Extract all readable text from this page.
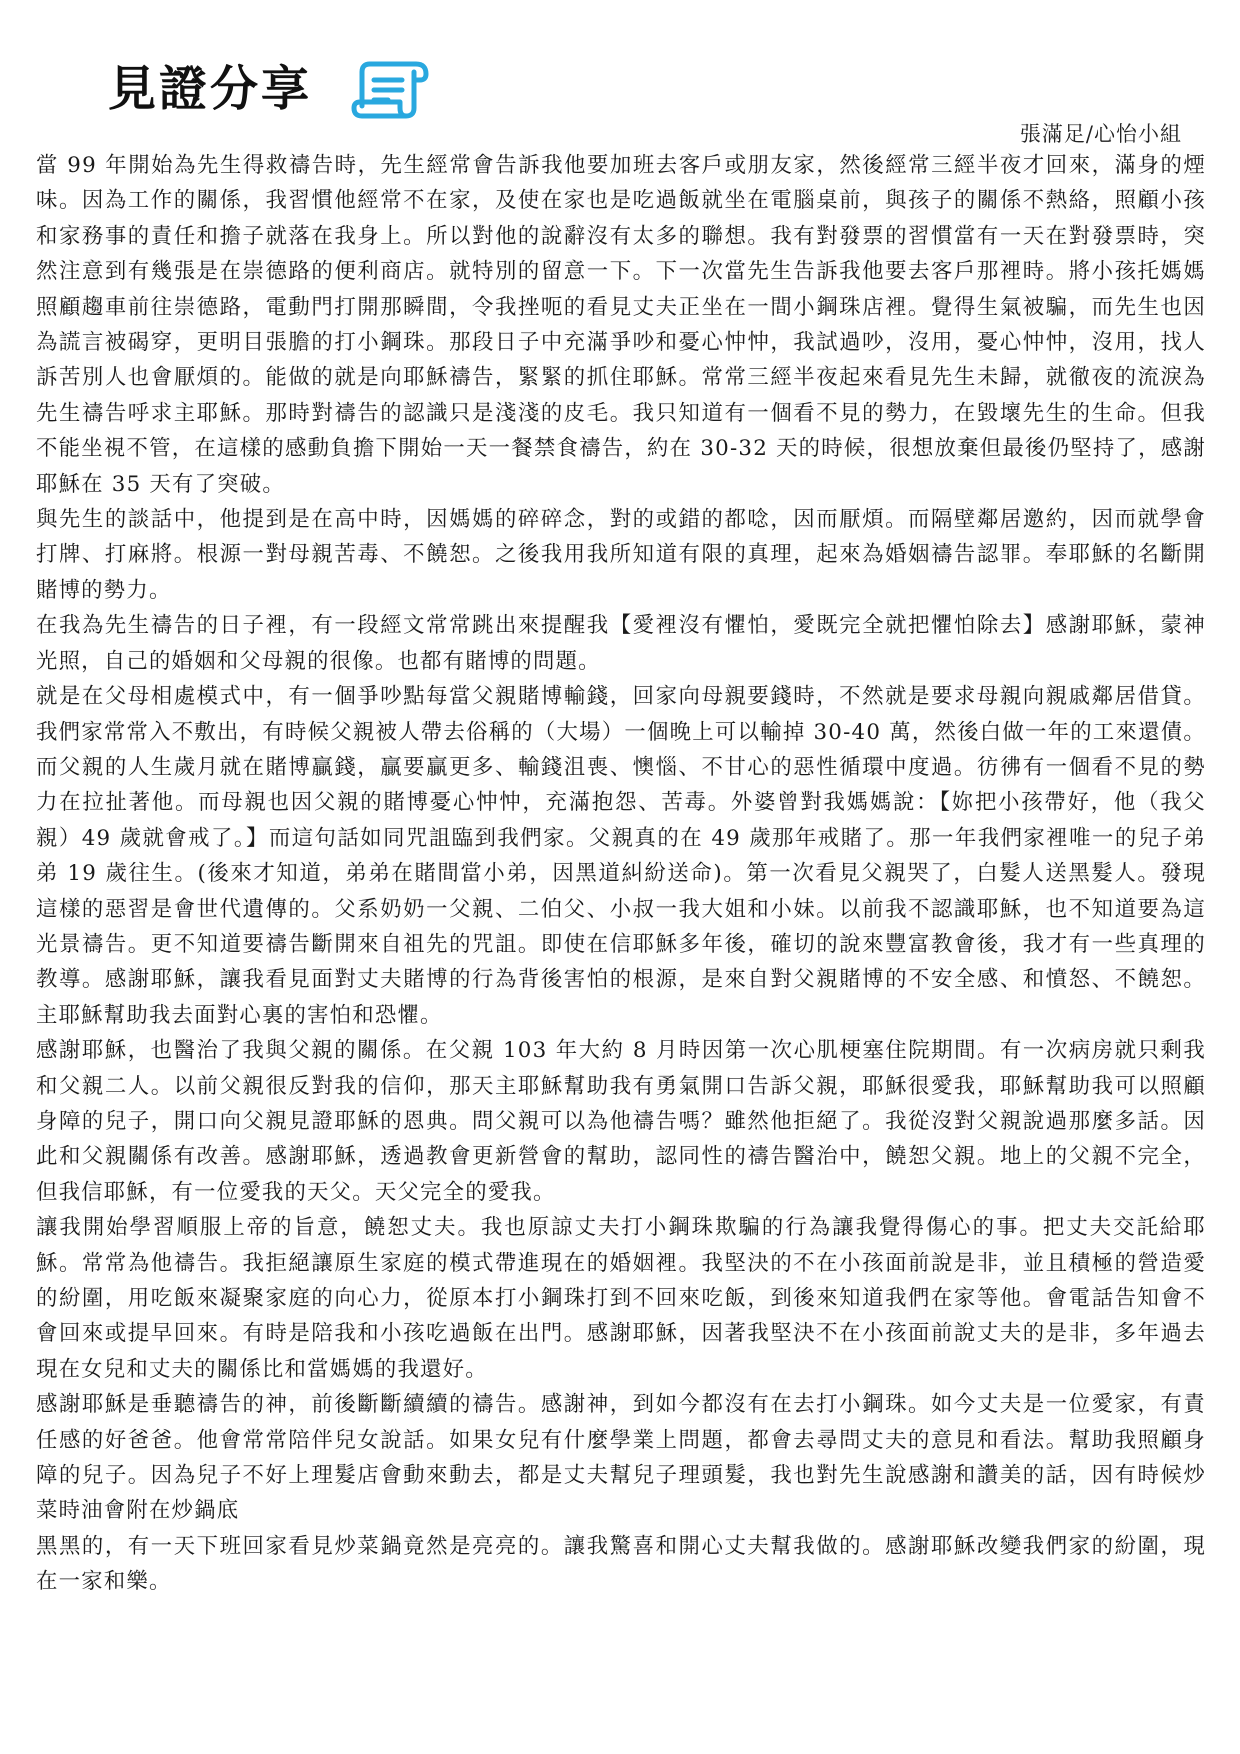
見證分享
張滿足/心怡小組

當 99 年開始為先生得救禱告時，先生經常會告訴我他要加班去客戶或朋友家，然後經常三經半夜才回來，滿身的煙味。因為工作的關係，我習慣他經常不在家，及使在家也是吃過飯就坐在電腦桌前，與孩子的關係不熱絡，照顧小孩和家務事的責任和擔子就落在我身上。所以對他的說辭沒有太多的聯想。我有對發票的習慣當有一天在對發票時，突然注意到有幾張是在崇德路的便利商店。就特別的留意一下。下一次當先生告訴我他要去客戶那裡時。將小孩托媽媽照顧趨車前往崇德路，電動門打開那瞬間，令我挫呃的看見丈夫正坐在一間小鋼珠店裡。覺得生氣被騙，而先生也因為謊言被碣穿，更明目張膽的打小鋼珠。那段日子中充滿爭吵和憂心忡忡，我試過吵，沒用，憂心忡忡，沒用，找人訴苦別人也會厭煩的。能做的就是向耶穌禱告，緊緊的抓住耶穌。常常三經半夜起來看見先生未歸，就徹夜的流淚為先生禱告呼求主耶穌。那時對禱告的認識只是淺淺的皮毛。我只知道有一個看不見的勢力，在毀壞先生的生命。但我不能坐視不管，在這樣的感動負擔下開始一天一餐禁食禱告，約在 30-32 天的時候，很想放棄但最後仍堅持了，感謝耶穌在 35 天有了突破。

與先生的談話中，他提到是在高中時，因媽媽的碎碎念，對的或錯的都唸，因而厭煩。而隔壁鄰居邀約，因而就學會打牌、打麻將。根源一對母親苦毒、不饒恕。之後我用我所知道有限的真理，起來為婚姻禱告認罪。奉耶穌的名斷開賭博的勢力。

在我為先生禱告的日子裡，有一段經文常常跳出來提醒我【愛裡沒有懼怕，愛既完全就把懼怕除去】感謝耶穌，蒙神光照，自己的婚姻和父母親的很像。也都有賭博的問題。

就是在父母相處模式中，有一個爭吵點每當父親賭博輸錢，回家向母親要錢時，不然就是要求母親向親戚鄰居借貸。我們家常常入不敷出，有時候父親被人帶去俗稱的（大場）一個晚上可以輸掉 30-40 萬，然後白做一年的工來還債。而父親的人生歲月就在賭博贏錢，贏要贏更多、輸錢沮喪、懊惱、不甘心的惡性循環中度過。彷彿有一個看不見的勢力在拉扯著他。而母親也因父親的賭博憂心忡忡，充滿抱怨、苦毒。外婆曾對我媽媽說：【妳把小孩帶好，他（我父親）49 歲就會戒了。】而這句話如同咒詛臨到我們家。父親真的在 49 歲那年戒賭了。那一年我們家裡唯一的兒子弟弟 19 歲往生。(後來才知道，弟弟在賭間當小弟，因黑道糾紛送命)。第一次看見父親哭了，白髮人送黑髮人。發現這樣的惡習是會世代遺傳的。父系奶奶一父親、二伯父、小叔一我大姐和小妹。以前我不認識耶穌，也不知道要為這光景禱告。更不知道要禱告斷開來自祖先的咒詛。即使在信耶穌多年後，確切的說來豐富教會後，我才有一些真理的教導。感謝耶穌，讓我看見面對丈夫賭博的行為背後害怕的根源，是來自對父親賭博的不安全感、和憤怒、不饒恕。主耶穌幫助我去面對心裏的害怕和恐懼。

感謝耶穌，也醫治了我與父親的關係。在父親 103 年大約 8 月時因第一次心肌梗塞住院期間。有一次病房就只剩我和父親二人。以前父親很反對我的信仰，那天主耶穌幫助我有勇氣開口告訴父親，耶穌很愛我，耶穌幫助我可以照顧身障的兒子，開口向父親見證耶穌的恩典。問父親可以為他禱告嗎？雖然他拒絕了。我從沒對父親說過那麼多話。因此和父親關係有改善。感謝耶穌，透過教會更新營會的幫助，認同性的禱告醫治中，饒恕父親。地上的父親不完全，但我信耶穌，有一位愛我的天父。天父完全的愛我。

讓我開始學習順服上帝的旨意，饒恕丈夫。我也原諒丈夫打小鋼珠欺騙的行為讓我覺得傷心的事。把丈夫交託給耶穌。常常為他禱告。我拒絕讓原生家庭的模式帶進現在的婚姻裡。我堅決的不在小孩面前說是非，並且積極的營造愛的紛圍，用吃飯來凝聚家庭的向心力，從原本打小鋼珠打到不回來吃飯，到後來知道我們在家等他。會電話告知會不會回來或提早回來。有時是陪我和小孩吃過飯在出門。感謝耶穌，因著我堅決不在小孩面前說丈夫的是非，多年過去現在女兒和丈夫的關係比和當媽媽的我還好。

感謝耶穌是垂聽禱告的神，前後斷斷續續的禱告。感謝神，到如今都沒有在去打小鋼珠。如今丈夫是一位愛家，有責任感的好爸爸。他會常常陪伴兒女說話。如果女兒有什麼學業上問題，都會去尋問丈夫的意見和看法。幫助我照顧身障的兒子。因為兒子不好上理髮店會動來動去，都是丈夫幫兒子理頭髮，我也對先生說感謝和讚美的話，因有時候炒菜時油會附在炒鍋底

黑黑的，有一天下班回家看見炒菜鍋竟然是亮亮的。讓我驚喜和開心丈夫幫我做的。感謝耶穌改變我們家的紛圍，現在一家和樂。
